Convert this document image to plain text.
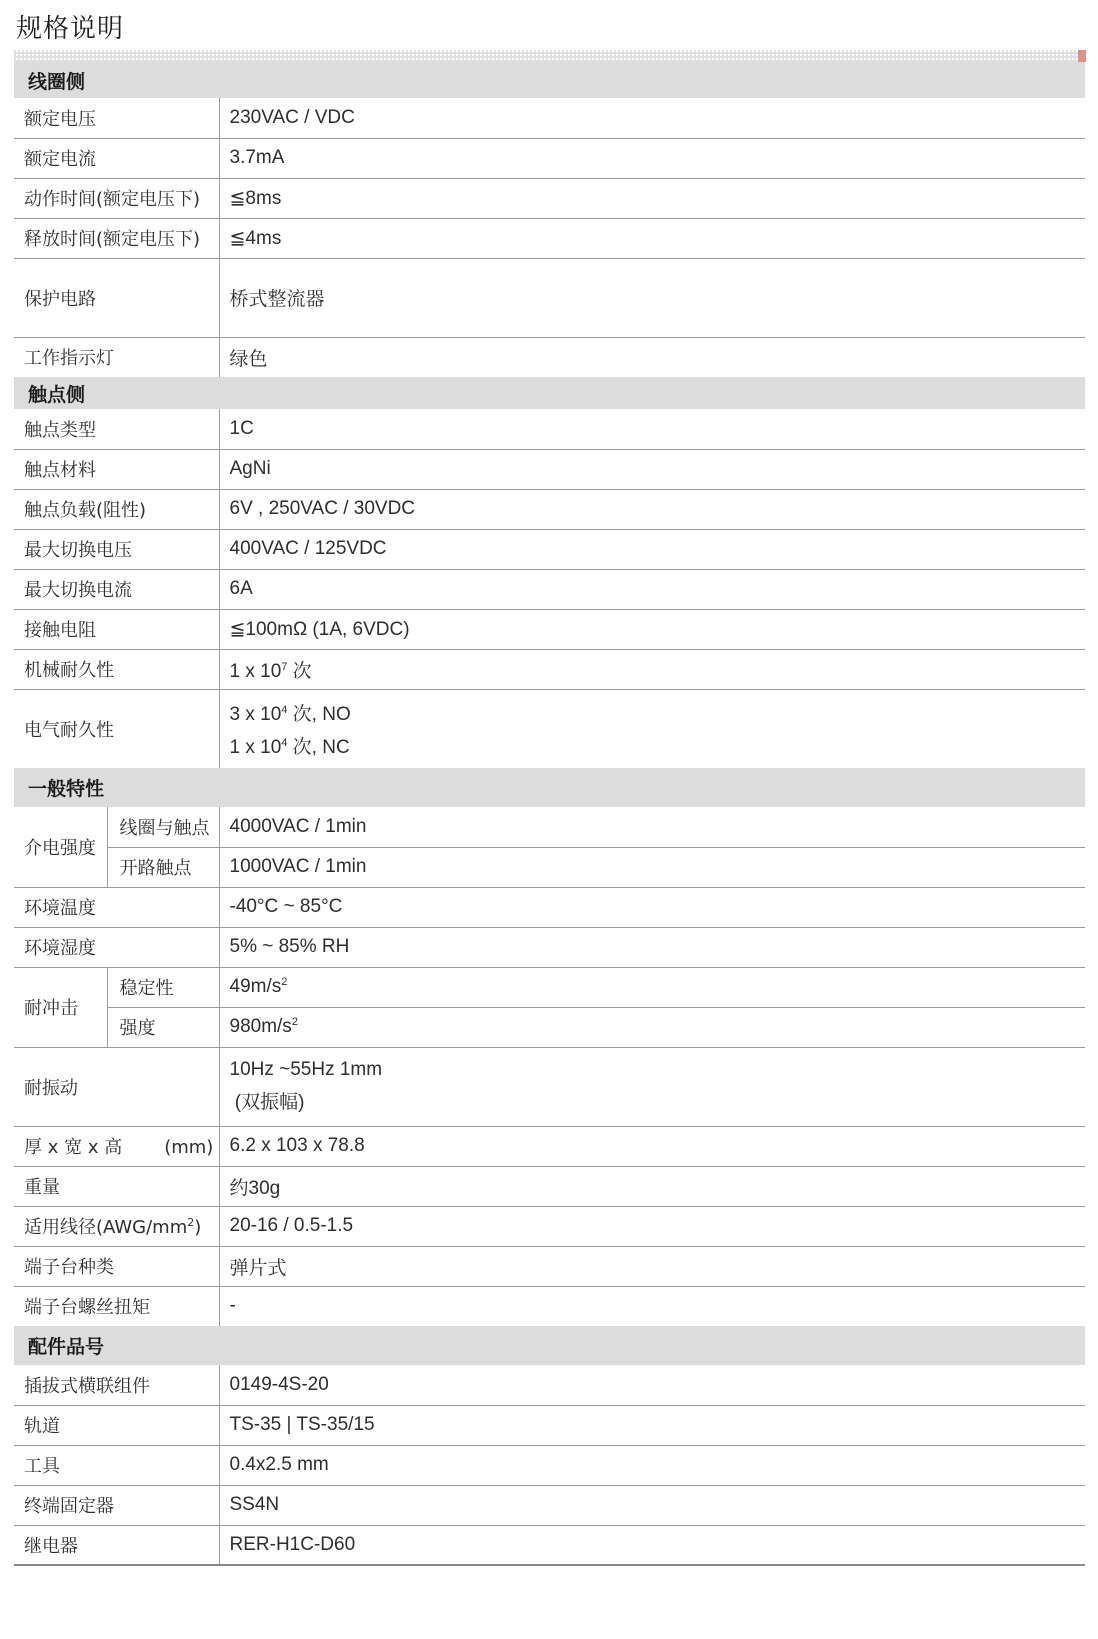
规格说明
线圈侧		
额定电压		230VAC / VDC
额定电流		3.7mA
动作时间(额定电压下)		≦8ms
释放时间(额定电压下)		≦4ms
保护电路		桥式整流器
工作指示灯		绿色
触点侧		
触点类型		1C
触点材料		AgNi
触点负载(阻性)		6V , 250VAC / 30VDC
最大切换电压		400VAC / 125VDC
最大切换电流		6A
接触电阻		≦100mΩ (1A, 6VDC)
机械耐久性		1 x $10^7$ 次
电气耐久性		3 x $10^4$ 次, NO
1 x $10^4$ 次, NC

一般特性		
介电强度	线圈与触点	4000VAC / 1min
	开路触点	1000VAC / 1min
环境温度		-40°C ~ 85°C
环境湿度		5% ~ 85% RH
耐冲击	稳定性	$49m/s^2$
	强度	$980m/s^2$
耐振动		10Hz ~55Hz 1mm
(双振幅)

厚 x 宽 x 高 (mm)		6.2 x 103 x 78.8
重量		约30g
适用线径$(AWG/mm^2)$		20-16 / 0.5-1.5
端子台种类		弹片式
端子台螺丝扭矩		-
配件品号		
插拔式横联组件		0149-4S-20
轨道		TS-35 | TS-35/15
工具		0.4x2.5 mm
终端固定器		SS4N
继电器		RER-H1C-D60
